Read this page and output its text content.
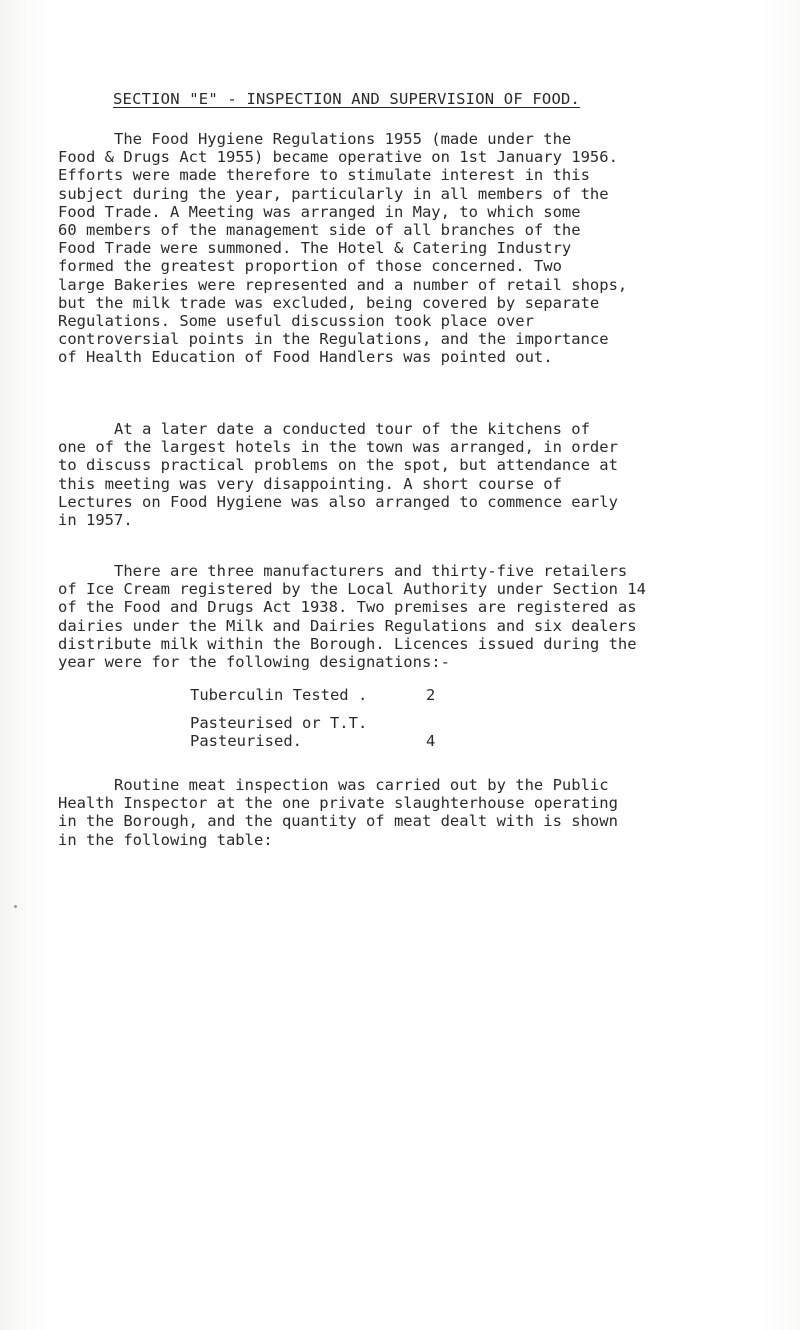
SECTION "E" - INSPECTION AND SUPERVISION OF FOOD.

The Food Hygiene Regulations 1955 (made under the
Food & Drugs Act 1955) became operative on 1st January 1956.
Efforts were made therefore to stimulate interest in this
subject during the year, particularly in all members of the
Food Trade. A Meeting was arranged in May, to which some
60 members of the management side of all branches of the
Food Trade were summoned. The Hotel & Catering Industry
formed the greatest proportion of those concerned. Two
large Bakeries were represented and a number of retail shops,
but the milk trade was excluded, being covered by separate
Regulations. Some useful discussion took place over
controversial points in the Regulations, and the importance
of Health Education of Food Handlers was pointed out.

At a later date a conducted tour of the kitchens of
one of the largest hotels in the town was arranged, in order
to discuss practical problems on the spot, but attendance at
this meeting was very disappointing. A short course of
Lectures on Food Hygiene was also arranged to commence early
in 1957.

There are three manufacturers and thirty-five retailers
of Ice Cream registered by the Local Authority under Section 14
of the Food and Drugs Act 1938. Two premises are registered as
dairies under the Milk and Dairies Regulations and six dealers
distribute milk within the Borough. Licences issued during the
year were for the following designations:-

Tuberculin Tested .	2
Pasteurised or T.T.
Pasteurised.	4

Routine meat inspection was carried out by the Public
Health Inspector at the one private slaughterhouse operating
in the Borough, and the quantity of meat dealt with is shown
in the following table:
